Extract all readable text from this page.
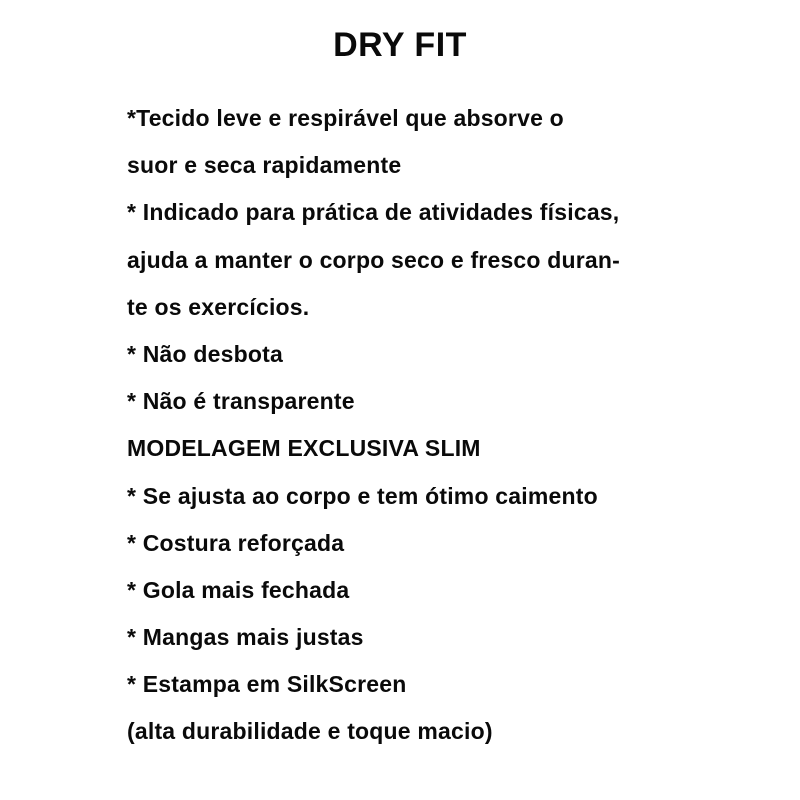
DRY FIT
*Tecido leve e respirável que absorve o
suor e seca rapidamente
* Indicado para prática de atividades físicas,
ajuda a manter o corpo seco e fresco duran-
te os exercícios.
* Não desbota
* Não é transparente
MODELAGEM EXCLUSIVA SLIM
* Se ajusta ao corpo e tem ótimo caimento
* Costura reforçada
* Gola mais fechada
* Mangas mais justas
* Estampa em SilkScreen
(alta durabilidade e toque macio)
